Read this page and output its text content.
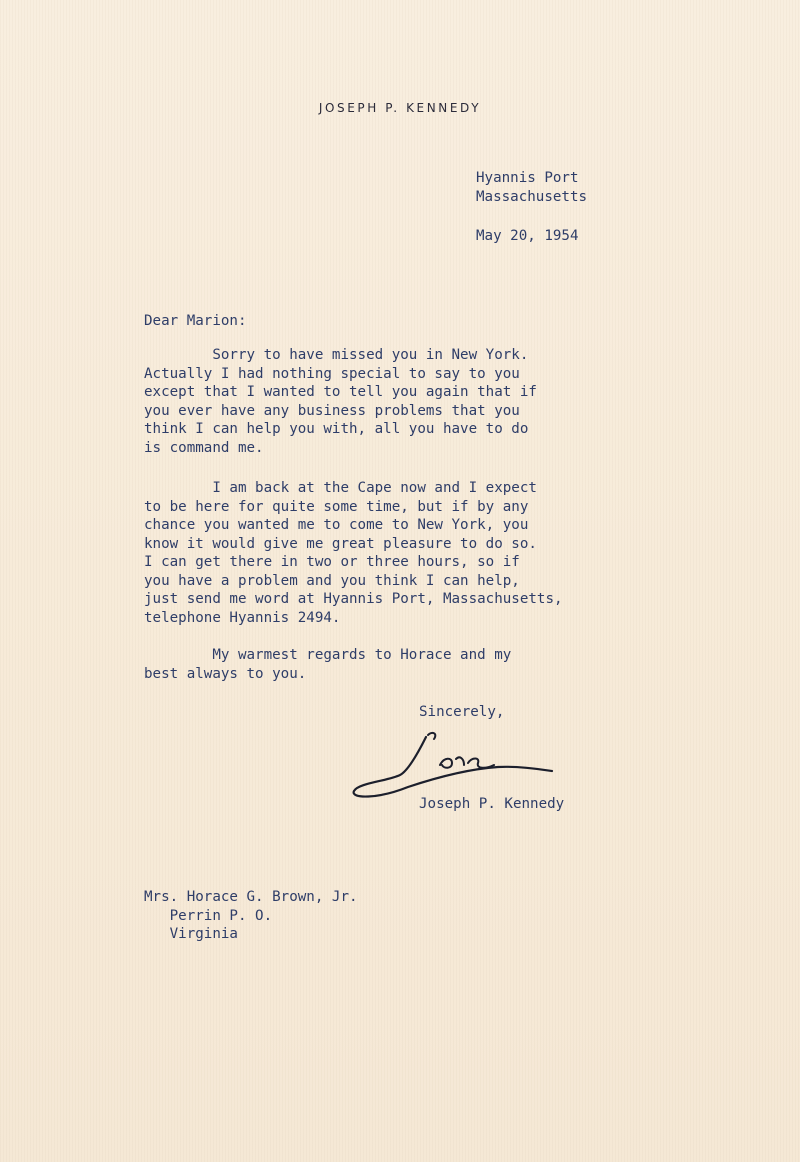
JOSEPH P. KENNEDY
Hyannis Port
Massachusetts
May 20, 1954
Dear Marion:
Sorry to have missed you in New York.
Actually I had nothing special to say to you
except that I wanted to tell you again that if
you ever have any business problems that you
think I can help you with, all you have to do
is command me.
I am back at the Cape now and I expect
to be here for quite some time, but if by any
chance you wanted me to come to New York, you
know it would give me great pleasure to do so.
I can get there in two or three hours, so if
you have a problem and you think I can help,
just send me word at Hyannis Port, Massachusetts,
telephone Hyannis 2494.
My warmest regards to Horace and my
best always to you.
Sincerely,
Joseph P. Kennedy
Mrs. Horace G. Brown, Jr.
Perrin P. O.
Virginia
